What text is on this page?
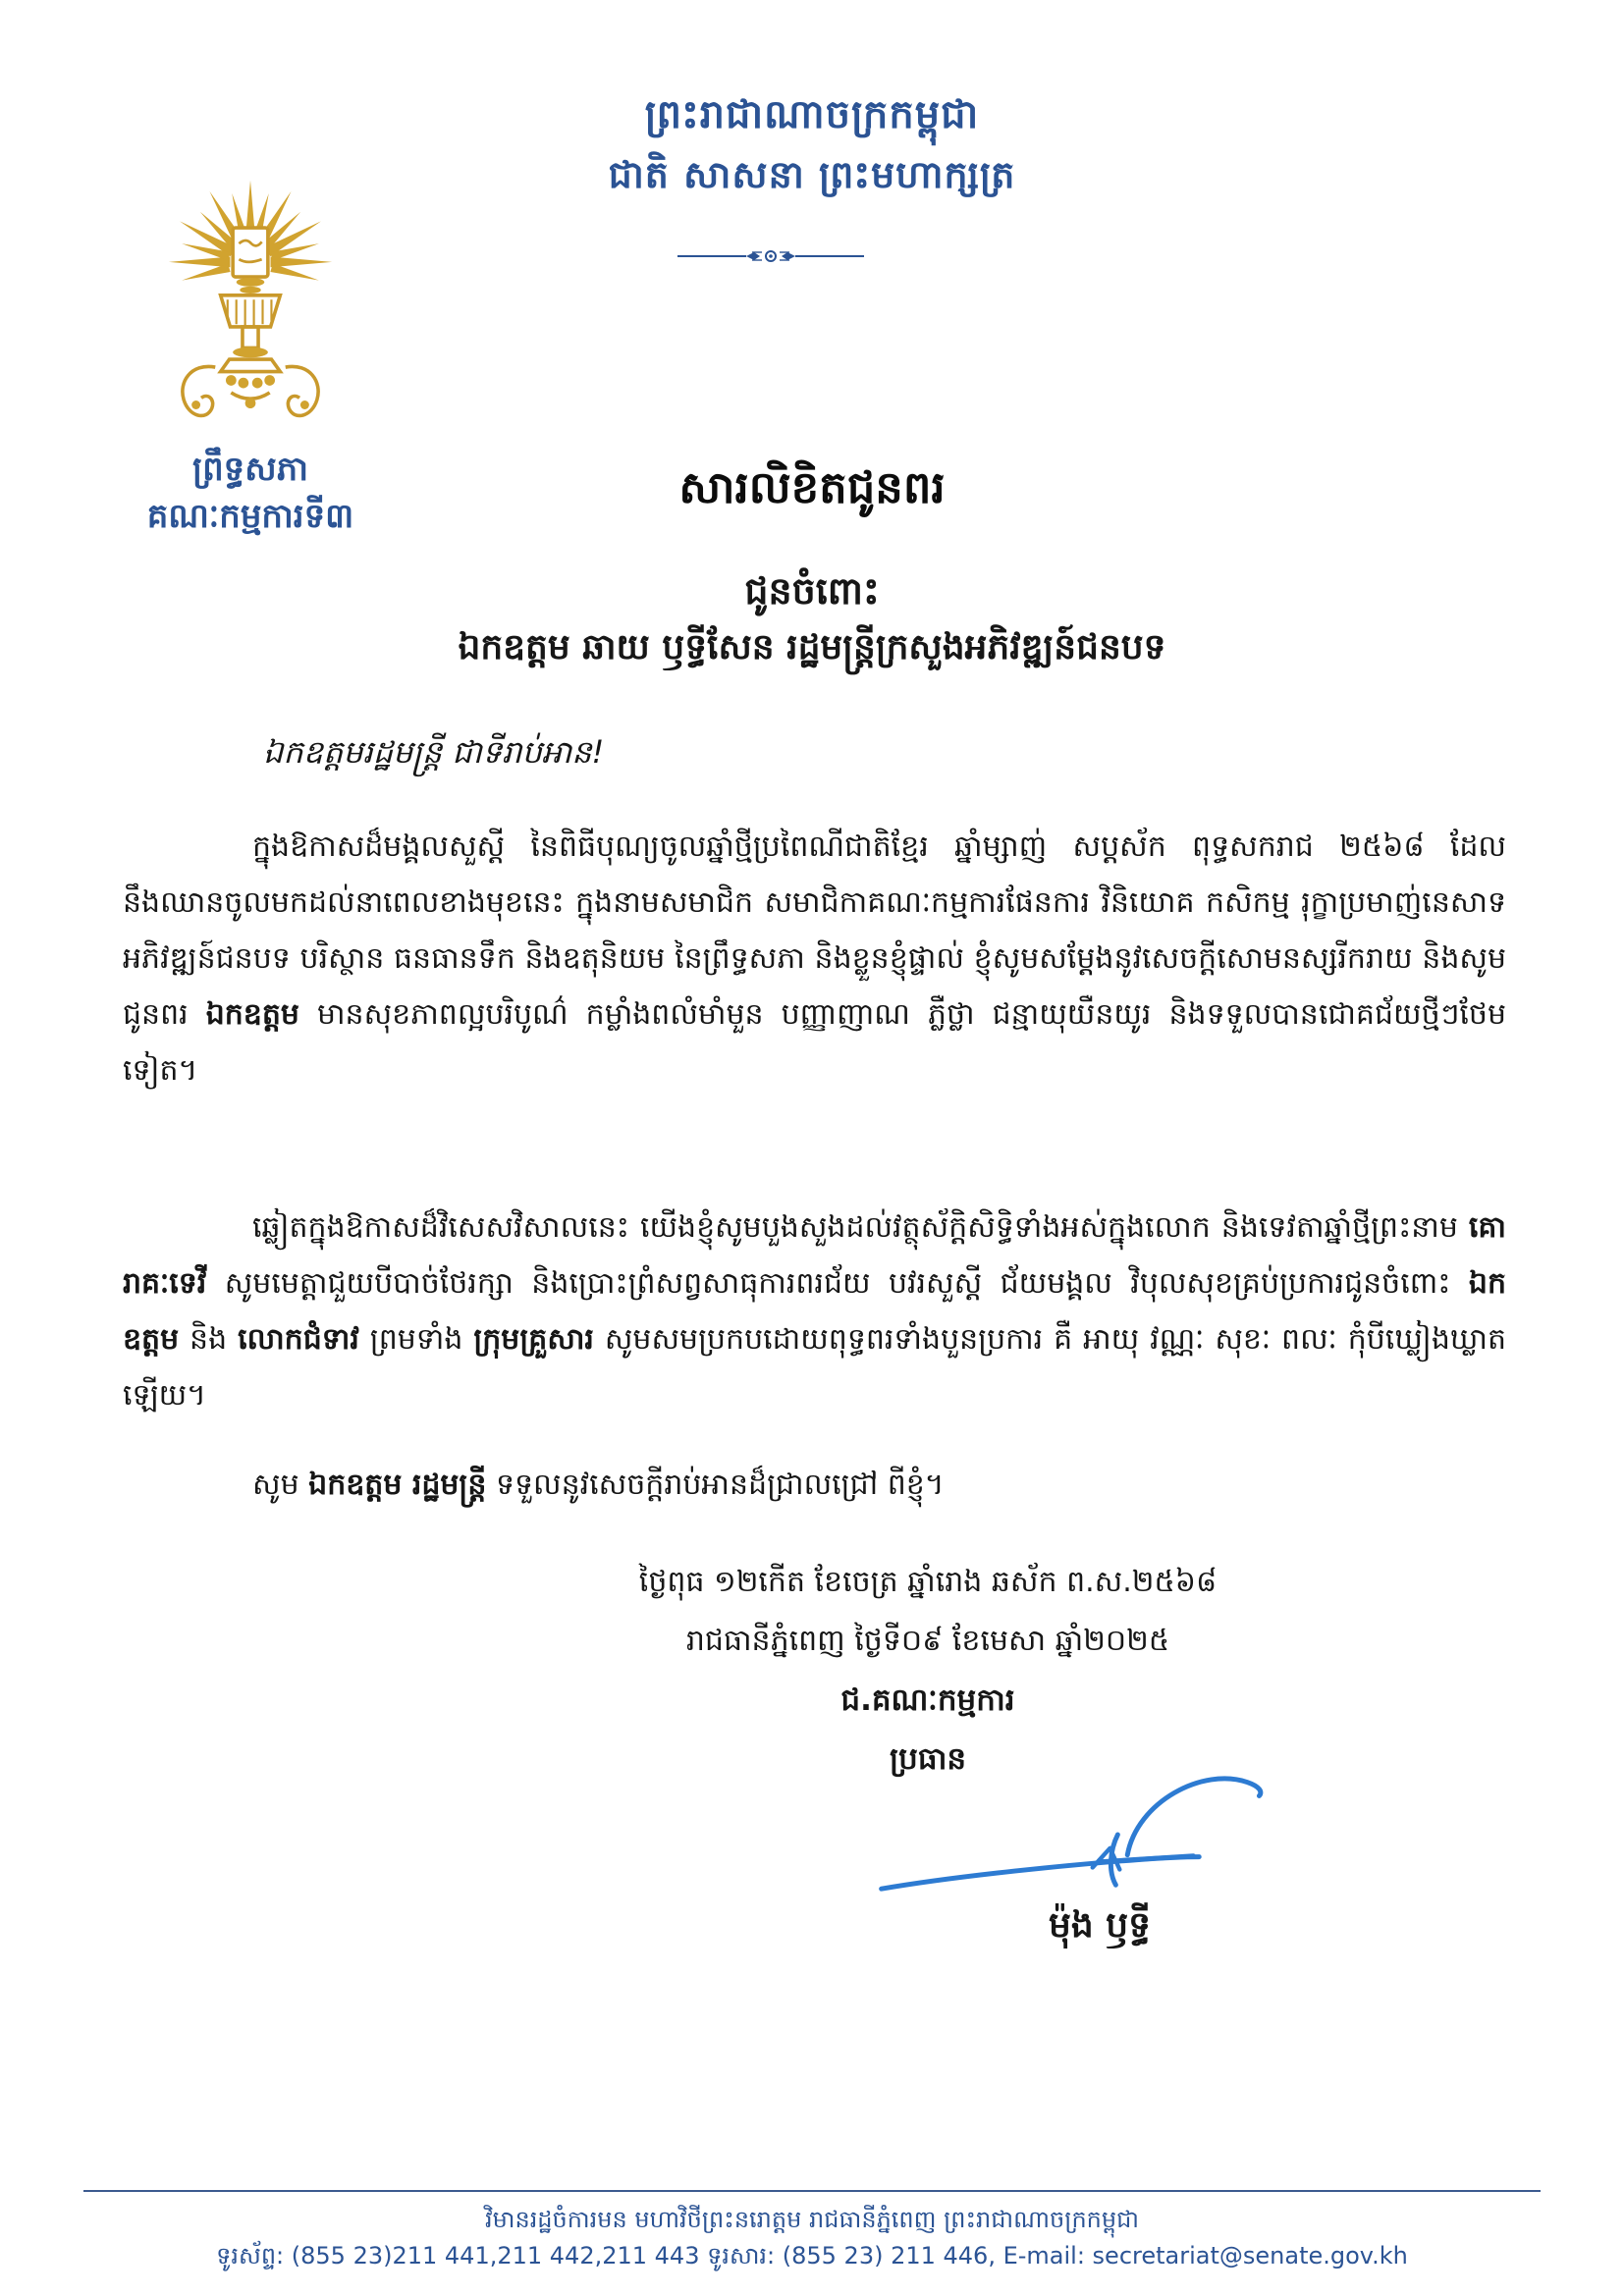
ព្រះរាជាណាចក្រកម្ពុជា
ជាតិ សាសនា ព្រះមហាក្សត្រ
ព្រឹទ្ធសភា
គណៈកម្មការទី៣
សារលិខិតជូនពរ
ជូនចំពោះ
ឯកឧត្តម ឆាយ ឫទ្ធីសែន រដ្ឋមន្ត្រីក្រសួងអភិវឌ្ឍន៍ជនបទ
ឯកឧត្តមរដ្ឋមន្ត្រី ជាទីរាប់អាន!

ក្នុងឱកាសដ៏មង្គលសួស្តី នៃពិធីបុណ្យចូលឆ្នាំថ្មីប្រពៃណីជាតិខ្មែរ ឆ្នាំម្សាញ់ សប្តស័ក ពុទ្ធសករាជ ២៥៦៨ ដែលនឹងឈានចូលមកដល់នាពេលខាងមុខនេះ ក្នុងនាមសមាជិក សមាជិកាគណៈកម្មការផែនការ វិនិយោគ កសិកម្ម រុក្ខាប្រមាញ់នេសាទ អភិវឌ្ឍន៍ជនបទ បរិស្ថាន ធនធានទឹក និងឧតុនិយម នៃព្រឹទ្ធសភា និងខ្លួនខ្ញុំផ្ទាល់ ខ្ញុំសូមសម្តែងនូវសេចក្តីសោមនស្សរីករាយ និងសូមជូនពរ ឯកឧត្តម មានសុខភាពល្អបរិបូណ៌ កម្លាំងពលំមាំមួន បញ្ញាញាណ ភ្លឺថ្លា ជន្មាយុយឺនយូរ និងទទួលបានជោគជ័យថ្មីៗថែមទៀត។

ឆ្លៀតក្នុងឱកាសដ៏វិសេសវិសាលនេះ យើងខ្ញុំសូមបួងសួងដល់វត្ថុស័ក្តិសិទ្ធិទាំងអស់ក្នុងលោក និងទេវតាឆ្នាំថ្មីព្រះនាម គោរាគៈទេវី សូមមេត្តាជួយបីបាច់ថែរក្សា និងប្រោះព្រំសព្វសាធុការពរជ័យ បវរសួស្តី ជ័យមង្គល វិបុលសុខគ្រប់ប្រការជូនចំពោះ ឯកឧត្តម និង លោកជំទាវ ព្រមទាំង ក្រុមគ្រួសារ សូមសមប្រកបដោយពុទ្ធពរទាំងបួនប្រការ គឺ អាយុ វណ្ណៈ សុខៈ ពលៈ កុំបីឃ្លៀងឃ្លាតឡើយ។

សូម ឯកឧត្តម រដ្ឋមន្ត្រី ទទួលនូវសេចក្តីរាប់អានដ៏ជ្រាលជ្រៅ ពីខ្ញុំ។

ថ្ងៃពុធ ១២កើត ខែចេត្រ ឆ្នាំរោង ឆស័ក ព.ស.២៥៦៨
រាជធានីភ្នំពេញ ថ្ងៃទី០៩ ខែមេសា ឆ្នាំ២០២៥
ជ.គណៈកម្មការ
ប្រធាន
ម៉ុង ឫទ្ធី
វិមានរដ្ឋចំការមន មហាវិថីព្រះនរោត្តម រាជធានីភ្នំពេញ ព្រះរាជាណាចក្រកម្ពុជា
ទូរស័ព្ទ: (855 23)211 441,211 442,211 443 ទូរសារ: (855 23) 211 446, E-mail: secretariat@senate.gov.kh
